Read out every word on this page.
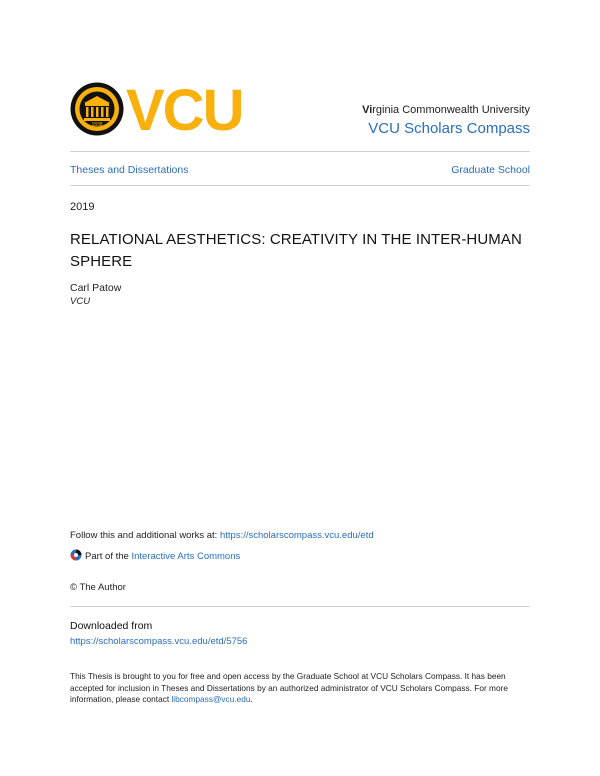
1838 VCU	Virginia Commonwealth University
VCU Scholars Compass
Theses and Dissertations	Graduate School
2019
RELATIONAL AESTHETICS: CREATIVITY IN THE INTER-HUMAN SPHERE
Carl Patow
VCU
Follow this and additional works at: https://scholarscompass.vcu.edu/etd
Part of the Interactive Arts Commons
© The Author
Downloaded from
https://scholarscompass.vcu.edu/etd/5756
This Thesis is brought to you for free and open access by the Graduate School at VCU Scholars Compass. It has been accepted for inclusion in Theses and Dissertations by an authorized administrator of VCU Scholars Compass. For more information, please contact libcompass@vcu.edu.
